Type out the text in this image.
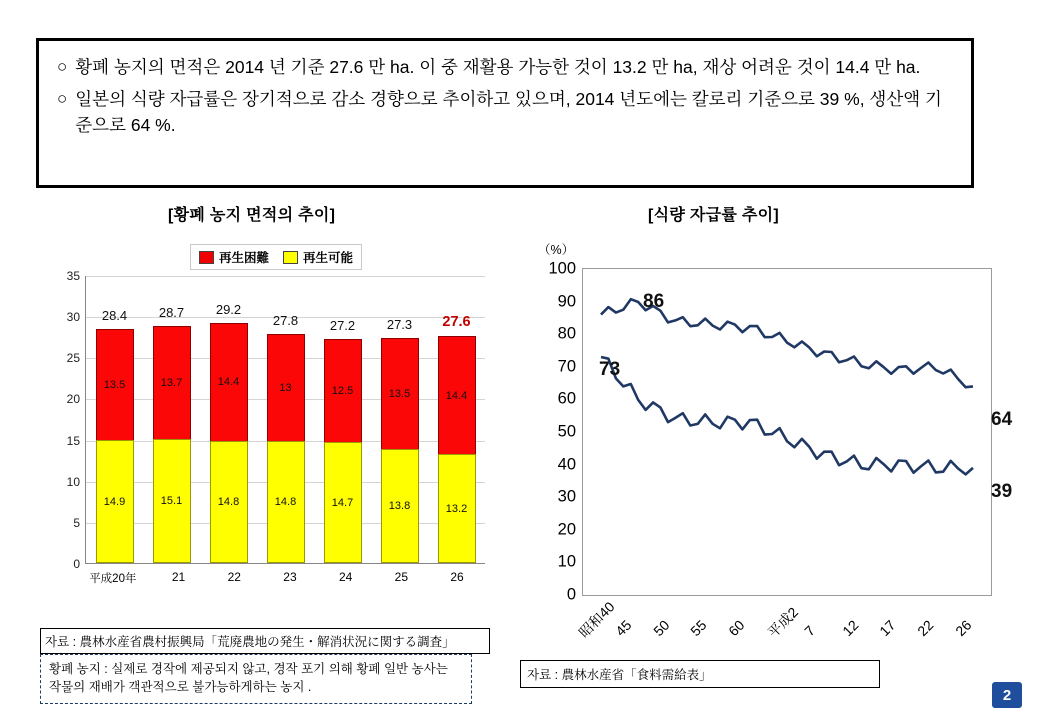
○ 황폐 농지의 면적은 2014 년 기준 27.6 만 ha. 이 중 재활용 가능한 것이 13.2 만 ha, 재상 어려운 것이 14.4 만 ha.
○ 일본의 식량 자급률은 장기적으로 감소 경향으로 추이하고 있으며, 2014 년도에는 칼로리 기준으로 39 %, 생산액 기준으로 64 %.
[황폐 농지 면적의 추이]	[식량 자급률 추이]
再生困難	再生可能
0
5
10
15
20
25
30
35
13.5
14.9
28.4
13.7
15.1
28.7
14.4
14.8
29.2
13
14.8
27.8
12.5
14.7
27.2
13.5
13.8
27.3
14.4
13.2
27.6
平成20年	21	22	23	24	25	26
자료 : 農林水産省農村振興局「荒廃農地の発生・解消状況に関する調査」
황폐 농지 : 실제로 경작에 제공되지 않고, 경작 포기 의해 황폐 일반 농사는 작물의 재배가 객관적으로 불가능하게하는 농지 .
（%）
0
10
20
30
40
50
60
70
80
90
100
昭和40
45 50 55 60 平成2 7 12 17 22 26
86
73
64
39
자료 : 農林水産省「食料需給表」
2
